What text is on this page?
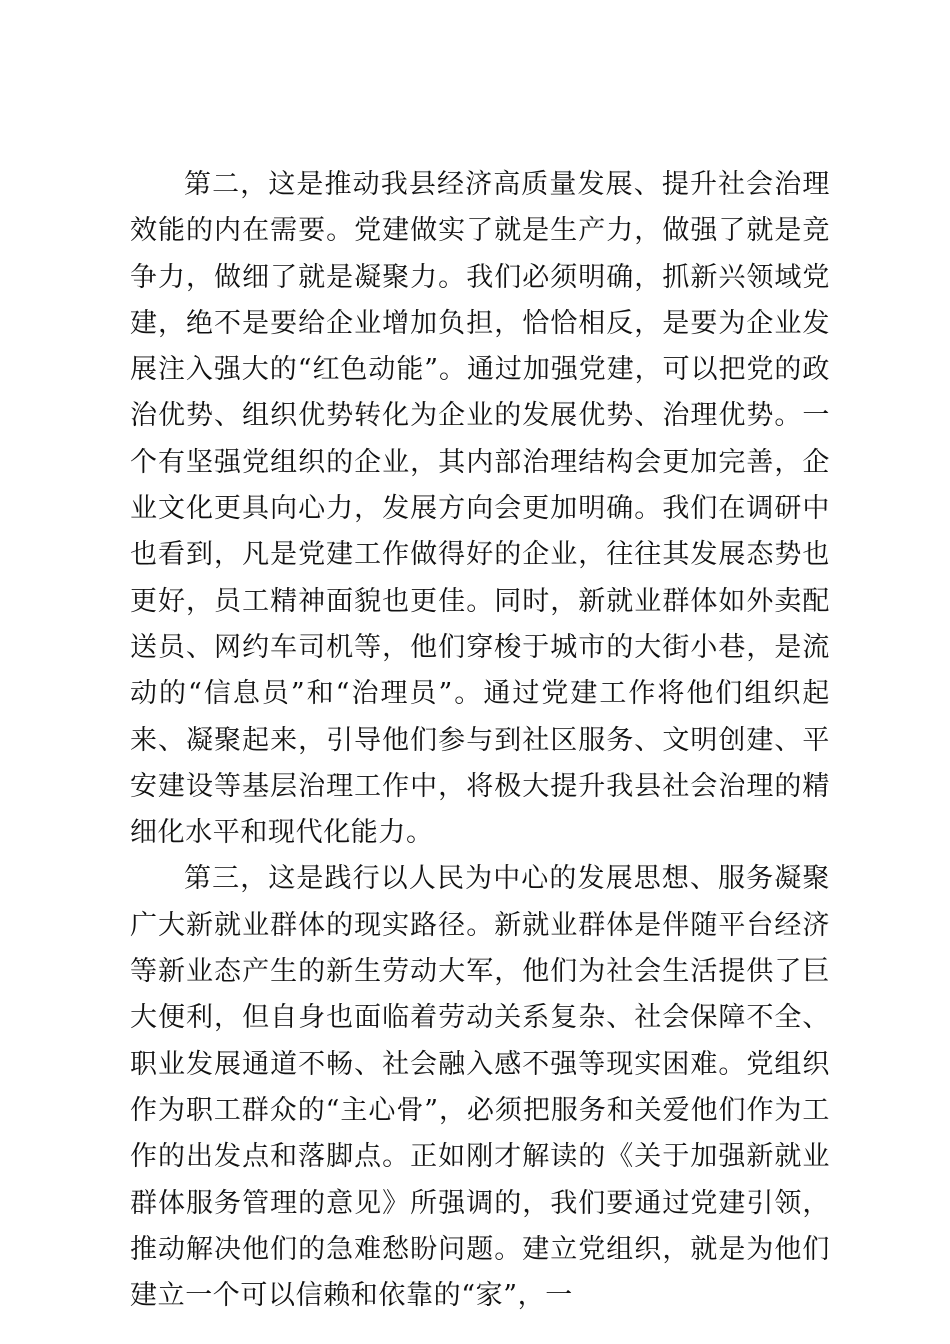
第二，这是推动我县经济高质量发展、提升社会治理效能的内在需要。党建做实了就是生产力，做强了就是竞争力，做细了就是凝聚力。我们必须明确，抓新兴领域党建，绝不是要给企业增加负担，恰恰相反，是要为企业发展注入强大的“红色动能”。通过加强党建，可以把党的政治优势、组织优势转化为企业的发展优势、治理优势。一个有坚强党组织的企业，其内部治理结构会更加完善，企业文化更具向心力，发展方向会更加明确。我们在调研中也看到，凡是党建工作做得好的企业，往往其发展态势也更好，员工精神面貌也更佳。同时，新就业群体如外卖配送员、网约车司机等，他们穿梭于城市的大街小巷，是流动的“信息员”和“治理员”。通过党建工作将他们组织起来、凝聚起来，引导他们参与到社区服务、文明创建、平安建设等基层治理工作中，将极大提升我县社会治理的精细化水平和现代化能力。

第三，这是践行以人民为中心的发展思想、服务凝聚广大新就业群体的现实路径。新就业群体是伴随平台经济等新业态产生的新生劳动大军，他们为社会生活提供了巨大便利，但自身也面临着劳动关系复杂、社会保障不全、职业发展通道不畅、社会融入感不强等现实困难。党组织作为职工群众的“主心骨”，必须把服务和关爱他们作为工作的出发点和落脚点。正如刚才解读的《关于加强新就业群体服务管理的意见》所强调的，我们要通过党建引领，推动解决他们的急难愁盼问题。建立党组织，就是为他们建立一个可以信赖和依靠的“家”，一
